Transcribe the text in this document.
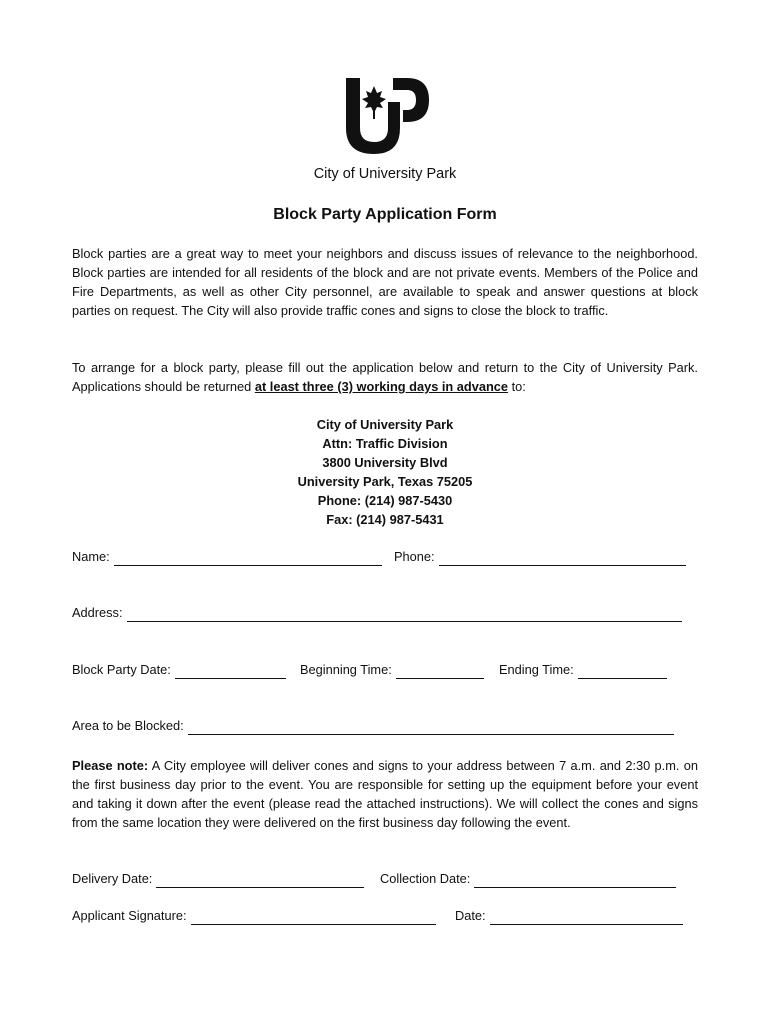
City of University Park
Block Party Application Form

Block parties are a great way to meet your neighbors and discuss issues of relevance to the neighborhood. Block parties are intended for all residents of the block and are not private events. Members of the Police and Fire Departments, as well as other City personnel, are available to speak and answer questions at block parties on request. The City will also provide traffic cones and signs to close the block to traffic.

To arrange for a block party, please fill out the application below and return to the City of University Park. Applications should be returned at least three (3) working days in advance to:

City of University Park
Attn: Traffic Division
3800 University Blvd
University Park, Texas 75205
Phone: (214) 987-5430
Fax: (214) 987-5431
Name:	Phone:
Address:
Block Party Date:	Beginning Time:	Ending Time:
Area to be Blocked:

Please note: A City employee will deliver cones and signs to your address between 7 a.m. and 2:30 p.m. on the first business day prior to the event. You are responsible for setting up the equipment before your event and taking it down after the event (please read the attached instructions). We will collect the cones and signs from the same location they were delivered on the first business day following the event.

Delivery Date:	Collection Date:
Applicant Signature:	Date:
